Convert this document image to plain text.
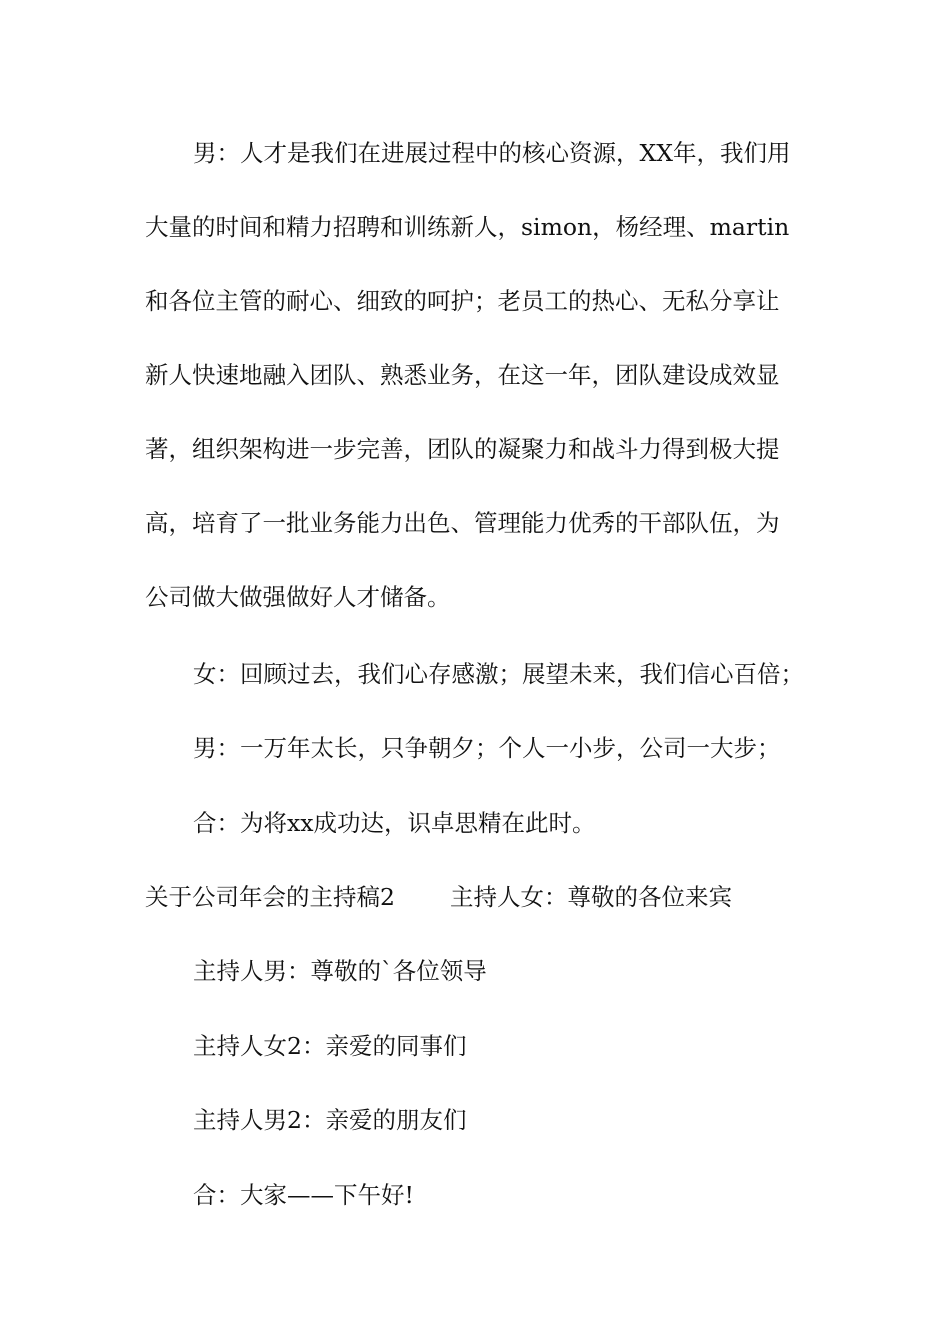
男：人才是我们在进展过程中的核心资源，XX年，我们用
大量的时间和精力招聘和训练新人，simon，杨经理、martin
和各位主管的耐心、细致的呵护；老员工的热心、无私分享让
新人快速地融入团队、熟悉业务，在这一年，团队建设成效显
著，组织架构进一步完善，团队的凝聚力和战斗力得到极大提
高，培育了一批业务能力出色、管理能力优秀的干部队伍，为
公司做大做强做好人才储备。
女：回顾过去，我们心存感激；展望未来，我们信心百倍；
男：一万年太长，只争朝夕；个人一小步，公司一大步；
合：为将xx成功达，识卓思精在此时。
关于公司年会的主持稿2 主持人女：尊敬的各位来宾
主持人男：尊敬的`各位领导
主持人女2：亲爱的同事们
主持人男2：亲爱的朋友们
合：大家——下午好!
